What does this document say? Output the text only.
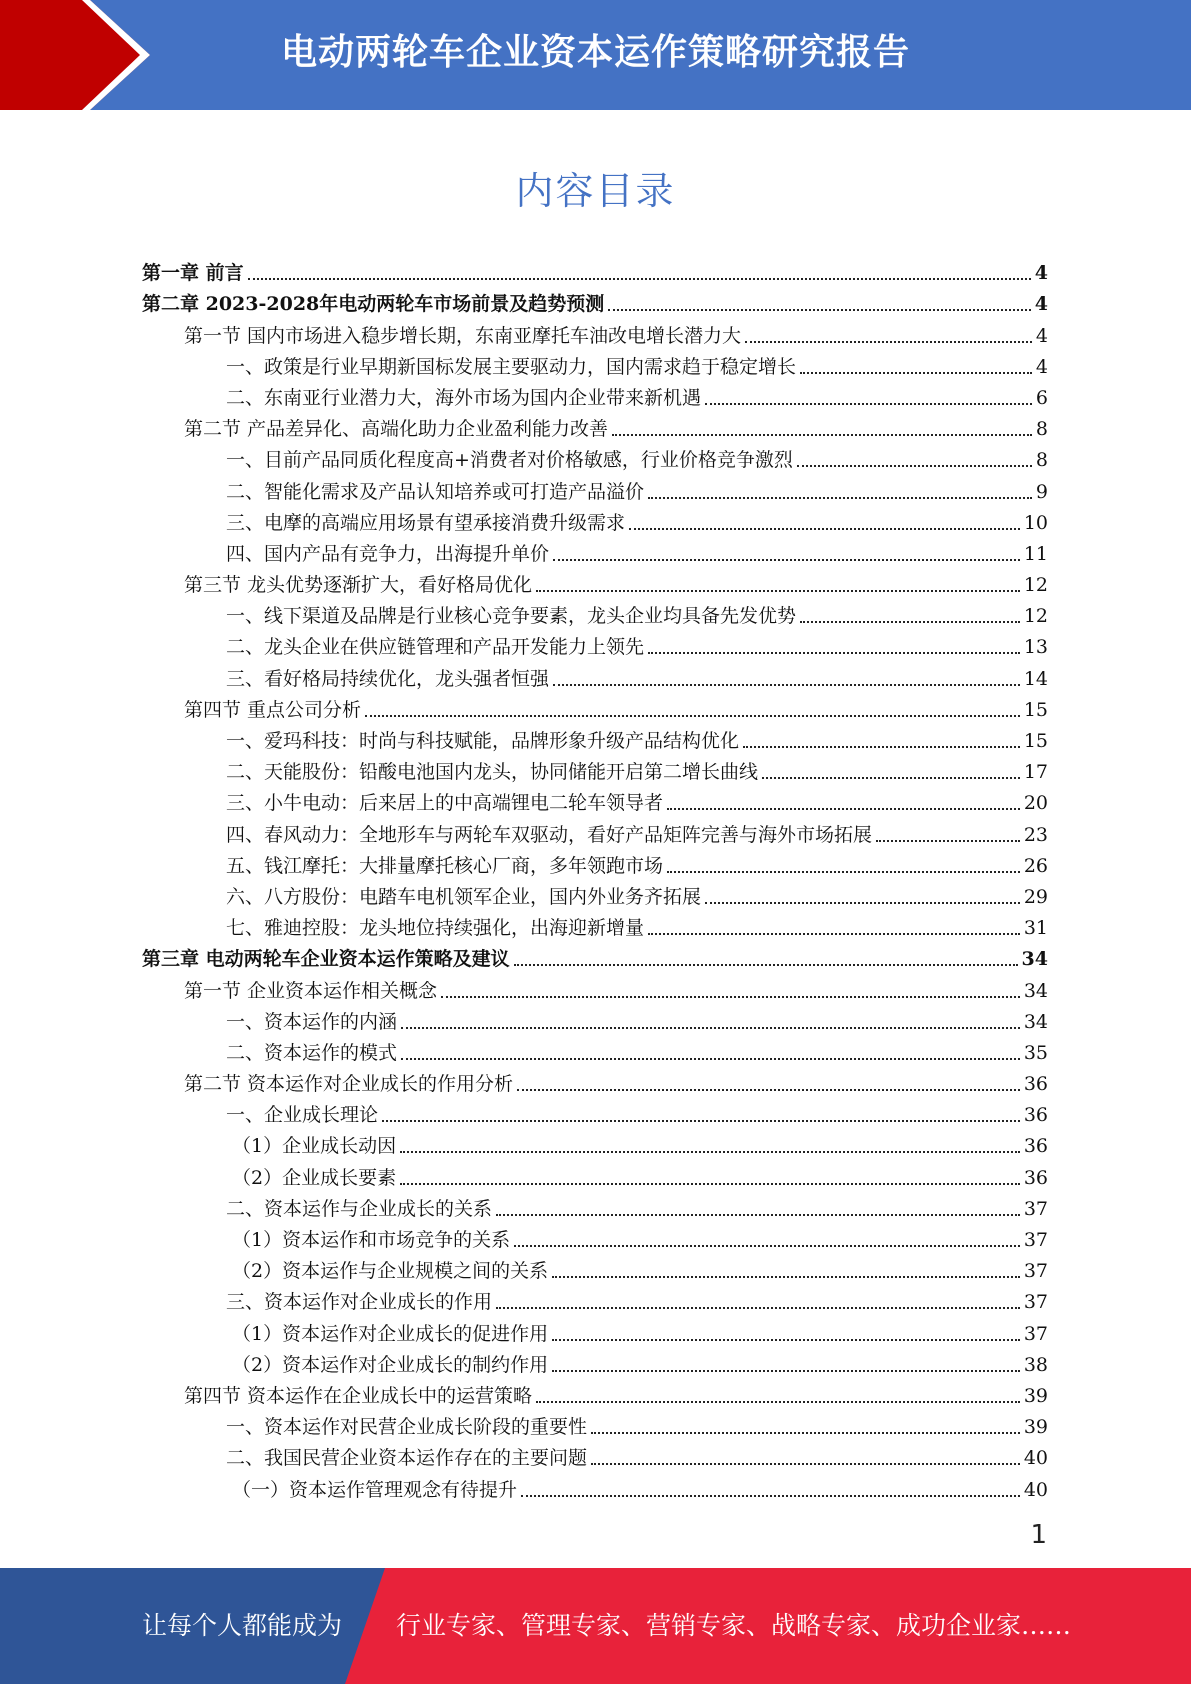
电动两轮车企业资本运作策略研究报告
内容目录
第一章 前言	4
第二章 2023-2028年电动两轮车市场前景及趋势预测	4
第一节 国内市场进入稳步增长期，东南亚摩托车油改电增长潜力大	4
一、政策是行业早期新国标发展主要驱动力，国内需求趋于稳定增长	4
二、东南亚行业潜力大，海外市场为国内企业带来新机遇	6
第二节 产品差异化、高端化助力企业盈利能力改善	8
一、目前产品同质化程度高+消费者对价格敏感，行业价格竞争激烈	8
二、智能化需求及产品认知培养或可打造产品溢价	9
三、电摩的高端应用场景有望承接消费升级需求	10
四、国内产品有竞争力，出海提升单价	11
第三节 龙头优势逐渐扩大，看好格局优化	12
一、线下渠道及品牌是行业核心竞争要素，龙头企业均具备先发优势	12
二、龙头企业在供应链管理和产品开发能力上领先	13
三、看好格局持续优化，龙头强者恒强	14
第四节 重点公司分析	15
一、爱玛科技：时尚与科技赋能，品牌形象升级产品结构优化	15
二、天能股份：铅酸电池国内龙头，协同储能开启第二增长曲线	17
三、小牛电动：后来居上的中高端锂电二轮车领导者	20
四、春风动力：全地形车与两轮车双驱动，看好产品矩阵完善与海外市场拓展	23
五、钱江摩托：大排量摩托核心厂商，多年领跑市场	26
六、八方股份：电踏车电机领军企业，国内外业务齐拓展	29
七、雅迪控股：龙头地位持续强化，出海迎新增量	31
第三章 电动两轮车企业资本运作策略及建议	34
第一节 企业资本运作相关概念	34
一、资本运作的内涵	34
二、资本运作的模式	35
第二节 资本运作对企业成长的作用分析	36
一、企业成长理论	36
（1）企业成长动因	36
（2）企业成长要素	36
二、资本运作与企业成长的关系	37
（1）资本运作和市场竞争的关系	37
（2）资本运作与企业规模之间的关系	37
三、资本运作对企业成长的作用	37
（1）资本运作对企业成长的促进作用	37
（2）资本运作对企业成长的制约作用	38
第四节 资本运作在企业成长中的运营策略	39
一、资本运作对民营企业成长阶段的重要性	39
二、我国民营企业资本运作存在的主要问题	40
（一）资本运作管理观念有待提升	40
1
让每个人都能成为 行业专家、管理专家、营销专家、战略专家、成功企业家……
